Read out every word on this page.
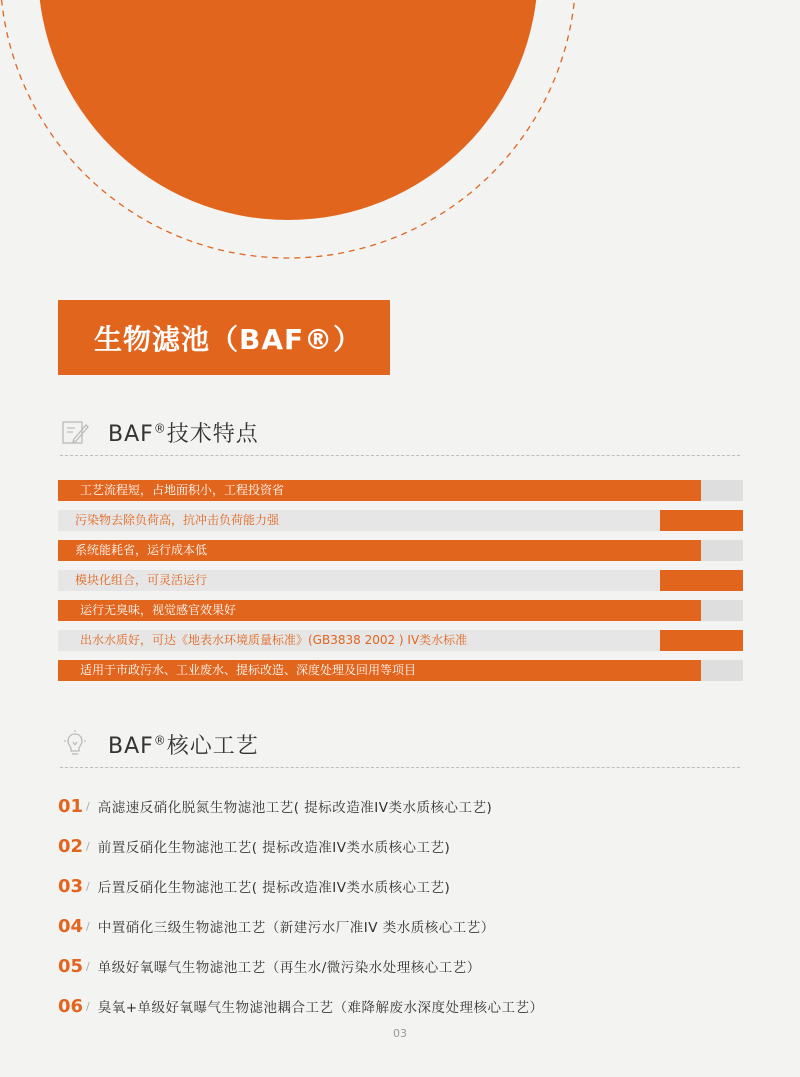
生物滤池（BAF®）
BAF®技术特点
工艺流程短，占地面积小，工程投资省
污染物去除负荷高，抗冲击负荷能力强
系统能耗省，运行成本低
模块化组合，可灵活运行
运行无臭味，视觉感官效果好
出水水质好，可达《地表水环境质量标准》(GB3838 2002 ) IV类水标准
适用于市政污水、工业废水、提标改造、深度处理及回用等项目
BAF®核心工艺
01 / 高滤速反硝化脱氮生物滤池工艺( 提标改造准IV类水质核心工艺)
02 / 前置反硝化生物滤池工艺( 提标改造准IV类水质核心工艺)
03 / 后置反硝化生物滤池工艺( 提标改造准IV类水质核心工艺)
04 / 中置硝化三级生物滤池工艺（新建污水厂准IV 类水质核心工艺）
05 / 单级好氧曝气生物滤池工艺（再生水/微污染水处理核心工艺）
06 / 臭氧+单级好氧曝气生物滤池耦合工艺（难降解废水深度处理核心工艺）
03
